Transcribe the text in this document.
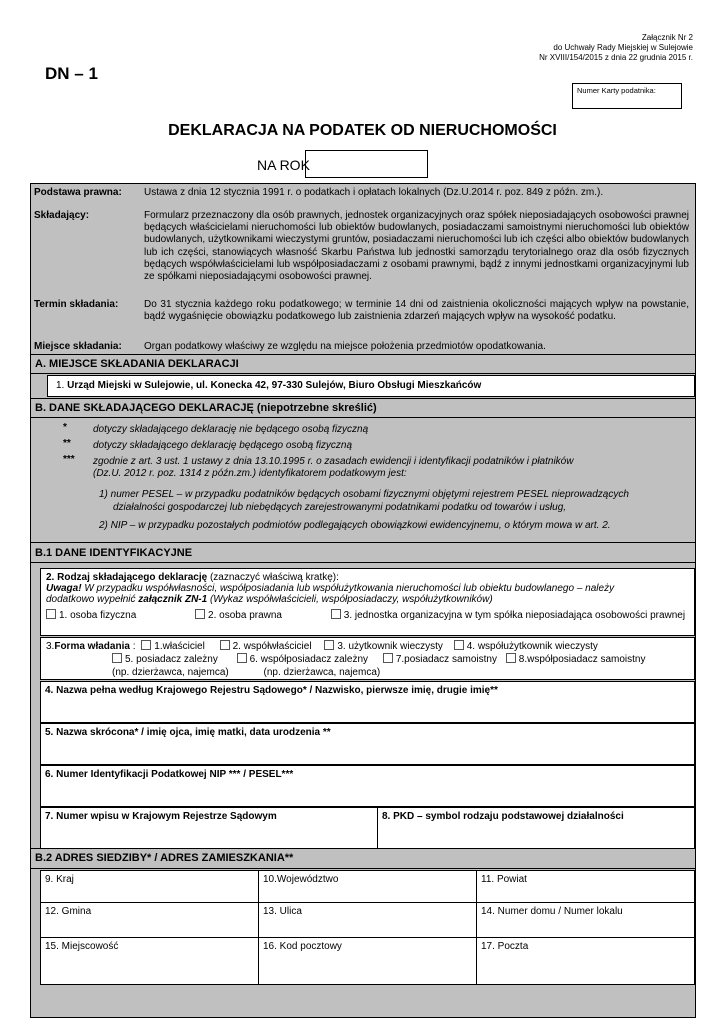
Załącznik Nr 2
do Uchwały Rady Miejskiej w Sulejowie
Nr XVIII/154/2015 z dnia 22 grudnia 2015 r.
DN – 1
Numer Karty podatnika:
DEKLARACJA NA PODATEK OD NIERUCHOMOŚCI
NA ROK
Podstawa prawna: Ustawa z dnia 12 stycznia 1991 r. o podatkach i opłatach lokalnych (Dz.U.2014 r. poz. 849 z późn. zm.).
Składający:	Formularz przeznaczony dla osób prawnych, jednostek organizacyjnych oraz spółek nieposiadających osobowości prawnej będących właścicielami nieruchomości lub obiektów budowlanych, posiadaczami samoistnymi nieruchomości lub obiektów budowlanych, użytkownikami wieczystymi gruntów, posiadaczami nieruchomości lub ich części albo obiektów budowlanych lub ich części, stanowiących własność Skarbu Państwa lub jednostki samorządu terytorialnego oraz dla osób fizycznych będących współwłaścicielami lub współposiadaczami z osobami prawnymi, bądź z innymi jednostkami organizacyjnymi lub ze spółkami nieposiadającymi osobowości prawnej.
Termin składania:	Do 31 stycznia każdego roku podatkowego; w terminie 14 dni od zaistnienia okoliczności mających wpływ na powstanie, bądź wygaśnięcie obowiązku podatkowego lub zaistnienia zdarzeń mających wpływ na wysokość podatku.
Miejsce składania: Organ podatkowy właściwy ze względu na miejsce położenia przedmiotów opodatkowania.
A. MIEJSCE SKŁADANIA DEKLARACJI
1. Urząd Miejski w Sulejowie, ul. Konecka 42, 97-330 Sulejów, Biuro Obsługi Mieszkańców
B. DANE SKŁADAJĄCEGO DEKLARACJĘ (niepotrzebne skreślić)
*	dotyczy składającego deklarację nie będącego osobą fizyczną
** dotyczy składającego deklarację będącego osobą fizyczną
*** zgodnie z art. 3 ust. 1 ustawy z dnia 13.10.1995 r. o zasadach ewidencji i identyfikacji podatników i płatników
(Dz.U. 2012 r. poz. 1314 z późn.zm.) identyfikatorem podatkowym jest:
1) numer PESEL – w przypadku podatników będących osobami fizycznymi objętymi rejestrem PESEL nieprowadzących
działalności gospodarczej lub niebędących zarejestrowanymi podatnikami podatku od towarów i usług,
2) NIP – w przypadku pozostałych podmiotów podlegających obowiązkowi ewidencyjnemu, o którym mowa w art. 2.
B.1 DANE IDENTYFIKACYJNE
2. Rodzaj składającego deklarację (zaznaczyć właściwą kratkę):
Uwaga! W przypadku współwłasności, współposiadania lub współużytkowania nieruchomości lub obiektu budowlanego – należy
dodatkowo wypełnić załącznik ZN-1 (Wykaz współwłaścicieli, współposiadaczy, współużytkowników)
1. osoba fizyczna	2. osoba prawna	3. jednostka organizacyjna w tym spółka nieposiadająca osobowości prawnej
3.Forma władania : 1.właściciel	2. współwłaściciel	3. użytkownik wieczysty 4. współużytkownik wieczysty
5. posiadacz zależny	6. współposiadacz zależny	7.posiadacz samoistny 8.współposiadacz samoistny
(np. dzierżawca, najemca)	(np. dzierżawca, najemca)
4. Nazwa pełna według Krajowego Rejestru Sądowego* / Nazwisko, pierwsze imię, drugie imię**
5. Nazwa skrócona* / imię ojca, imię matki, data urodzenia **
6. Numer Identyfikacji Podatkowej NIP *** / PESEL***
7. Numer wpisu w Krajowym Rejestrze Sądowym	8. PKD – symbol rodzaju podstawowej działalności
B.2 ADRES SIEDZIBY* / ADRES ZAMIESZKANIA**
9. Kraj	10.Województwo	11. Powiat
12. Gmina	13. Ulica	14. Numer domu / Numer lokalu
15. Miejscowość	16. Kod pocztowy	17. Poczta
